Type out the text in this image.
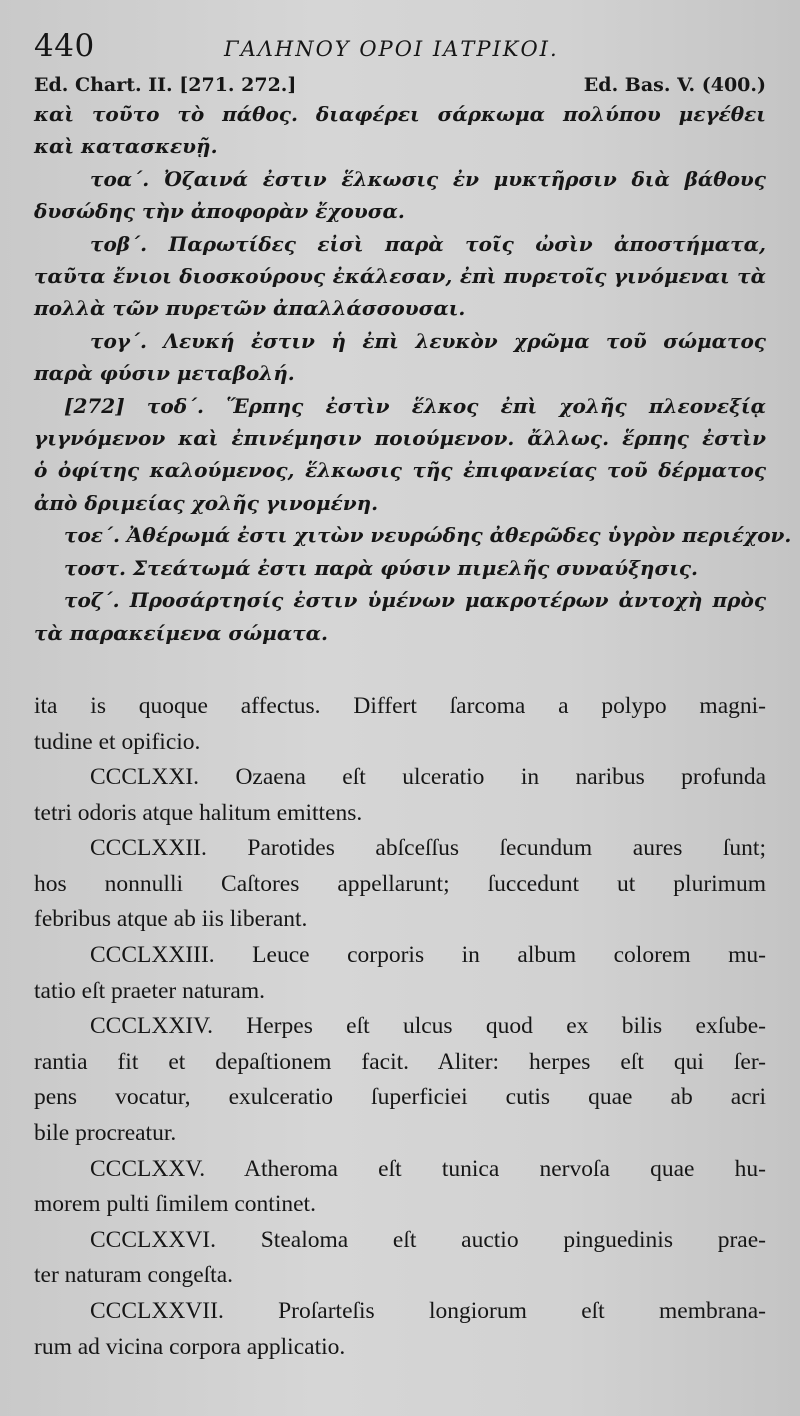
440	ΓΑΛΗΝΟΥ ΟΡΟΙ ΙΑΤΡΙΚΟΙ.
Ed. Chart. II. [271. 272.]	Ed. Bas. V. (400.)
καὶ τοῦτο τὸ πάθος. διαφέρει σάρκωμα πολύπου μεγέθει
καὶ κατασκευῇ.
τοα΄. Ὀζαινά ἐστιν ἕλκωσις ἐν μυκτῆρσιν διὰ βάθους
δυσώδης τὴν ἀποφορὰν ἔχουσα.
τοβ΄. Παρωτίδες εἰσὶ παρὰ τοῖς ὠσὶν ἀποστήματα,
ταῦτα ἔνιοι διοσκούρους ἐκάλεσαν, ἐπὶ πυρετοῖς γινόμεναι τὰ
πολλὰ τῶν πυρετῶν ἀπαλλάσσουσαι.
τογ΄. Λευκή ἐστιν ἡ ἐπὶ λευκὸν χρῶμα τοῦ σώματος
παρὰ φύσιν μεταβολή.
[272] τοδ΄. Ἕρπης ἐστὶν ἕλκος ἐπὶ χολῆς πλεονεξίᾳ
γιγνόμενον καὶ ἐπινέμησιν ποιούμενον. ἄλλως. ἕρπης ἐστὶν
ὁ ὀφίτης καλούμενος, ἕλκωσις τῆς ἐπιφανείας τοῦ δέρματος
ἀπὸ δριμείας χολῆς γινομένη.
τοε΄. Ἀθέρωμά ἐστι χιτὼν νευρώδης ἀθερῶδες ὑγρὸν περιέχον.
τοστ. Στεάτωμά ἐστι παρὰ φύσιν πιμελῆς συναύξησις.
τοζ΄. Προσάρτησίς ἐστιν ὑμένων μακροτέρων ἀντοχὴ πρὸς
τὰ παρακείμενα σώματα.
ita is quoque affectus. Differt ſarcoma a polypo magni-
tudine et opificio.
CCCLXXI. Ozaena eſt ulceratio in naribus profunda
tetri odoris atque halitum emittens.
CCCLXXII. Parotides abſceſſus ſecundum aures ſunt;
hos nonnulli Caſtores appellarunt; ſuccedunt ut plurimum
febribus atque ab iis liberant.
CCCLXXIII. Leuce corporis in album colorem mu-
tatio eſt praeter naturam.
CCCLXXIV. Herpes eſt ulcus quod ex bilis exſube-
rantia fit et depaſtionem facit. Aliter: herpes eſt qui ſer-
pens vocatur, exulceratio ſuperficiei cutis quae ab acri
bile procreatur.
CCCLXXV. Atheroma eſt tunica nervoſa quae hu-
morem pulti ſimilem continet.
CCCLXXVI. Stealoma eſt auctio pinguedinis prae-
ter naturam congeſta.
CCCLXXVII. Proſarteſis longiorum eſt membrana-
rum ad vicina corpora applicatio.
